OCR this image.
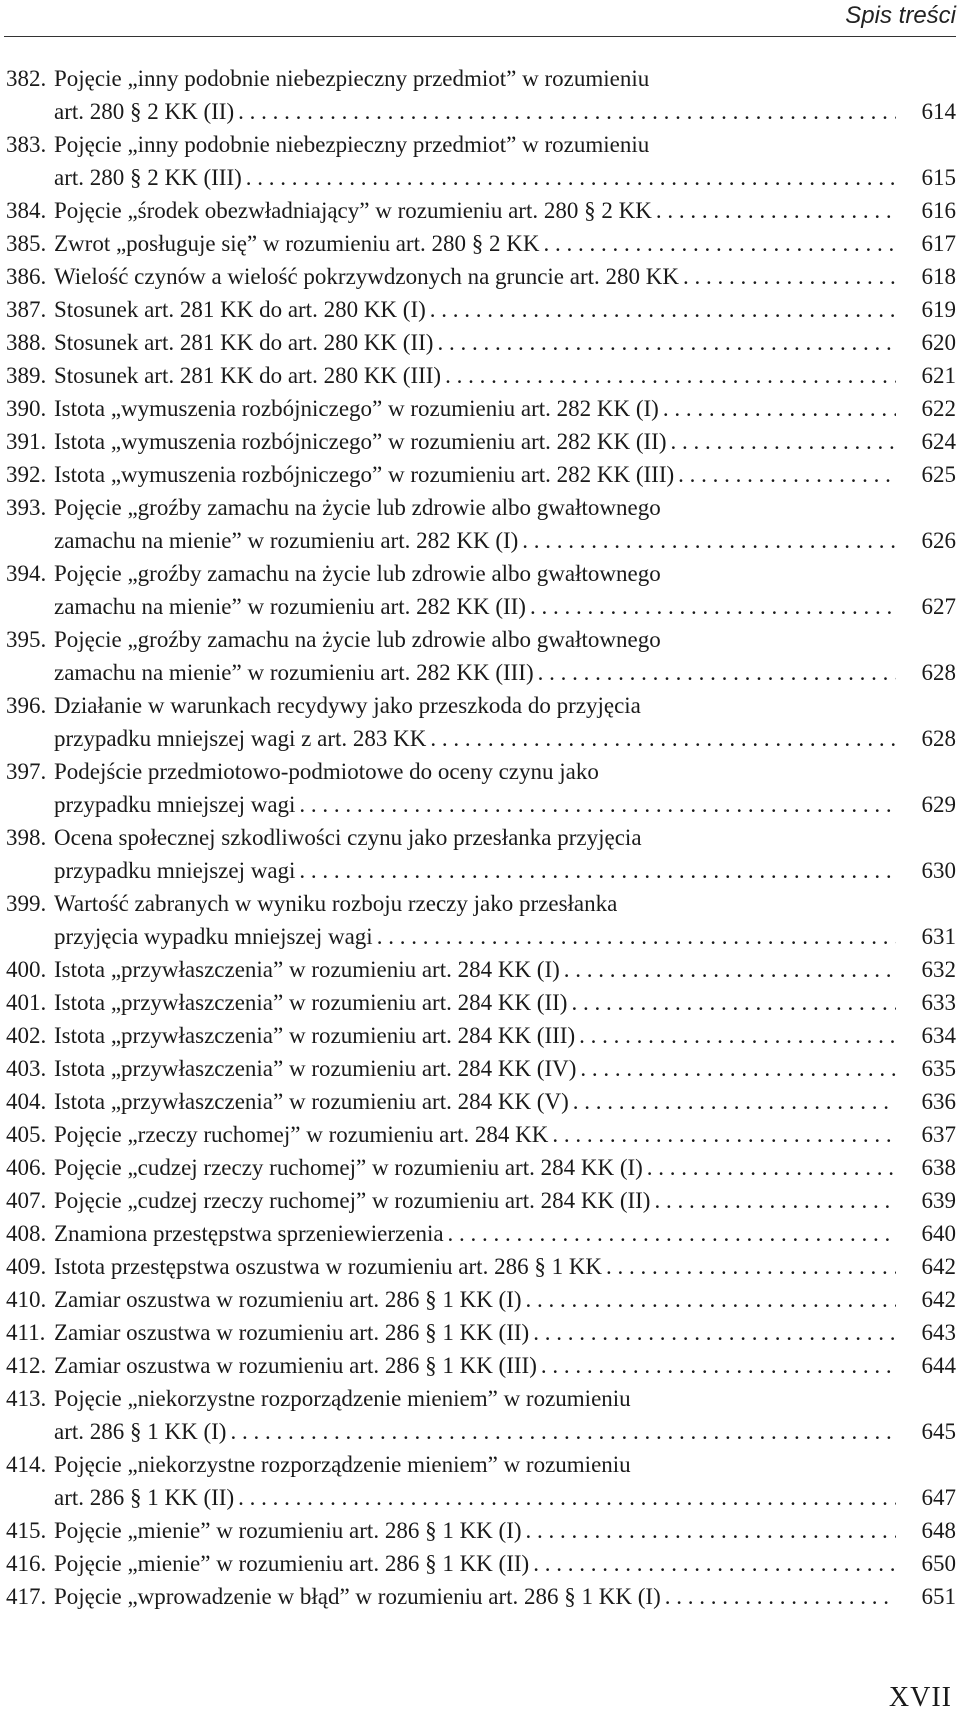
Spis treści
382. Pojęcie „inny podobnie niebezpieczny przedmiot” w rozumieniu
art. 280 § 2 KK (II) . . .	614
383. Pojęcie „inny podobnie niebezpieczny przedmiot” w rozumieniu
art. 280 § 2 KK (III) . . .	615
384. Pojęcie „środek obezwładniający” w rozumieniu art. 280 § 2 KK . . .	616
385. Zwrot „posługuje się” w rozumieniu art. 280 § 2 KK . . .	617
386. Wielość czynów a wielość pokrzywdzonych na gruncie art. 280 KK . . .	618
387. Stosunek art. 281 KK do art. 280 KK (I) . . .	619
388. Stosunek art. 281 KK do art. 280 KK (II) . . .	620
389. Stosunek art. 281 KK do art. 280 KK (III) . . .	621
390. Istota „wymuszenia rozbójniczego” w rozumieniu art. 282 KK (I) . . .	622
391. Istota „wymuszenia rozbójniczego” w rozumieniu art. 282 KK (II) . . .	624
392. Istota „wymuszenia rozbójniczego” w rozumieniu art. 282 KK (III) . . .	625
393. Pojęcie „groźby zamachu na życie lub zdrowie albo gwałtownego
zamachu na mienie” w rozumieniu art. 282 KK (I) . . .	626
394. Pojęcie „groźby zamachu na życie lub zdrowie albo gwałtownego
zamachu na mienie” w rozumieniu art. 282 KK (II) . . .	627
395. Pojęcie „groźby zamachu na życie lub zdrowie albo gwałtownego
zamachu na mienie” w rozumieniu art. 282 KK (III) . . .	628
396. Działanie w warunkach recydywy jako przeszkoda do przyjęcia
przypadku mniejszej wagi z art. 283 KK . . .	628
397. Podejście przedmiotowo-podmiotowe do oceny czynu jako
przypadku mniejszej wagi . . .	629
398. Ocena społecznej szkodliwości czynu jako przesłanka przyjęcia
przypadku mniejszej wagi . . .	630
399. Wartość zabranych w wyniku rozboju rzeczy jako przesłanka
przyjęcia wypadku mniejszej wagi . . .	631
400. Istota „przywłaszczenia” w rozumieniu art. 284 KK (I) . . .	632
401. Istota „przywłaszczenia” w rozumieniu art. 284 KK (II) . . .	633
402. Istota „przywłaszczenia” w rozumieniu art. 284 KK (III) . . .	634
403. Istota „przywłaszczenia” w rozumieniu art. 284 KK (IV) . . .	635
404. Istota „przywłaszczenia” w rozumieniu art. 284 KK (V) . . .	636
405. Pojęcie „rzeczy ruchomej” w rozumieniu art. 284 KK . . .	637
406. Pojęcie „cudzej rzeczy ruchomej” w rozumieniu art. 284 KK (I) . . .	638
407. Pojęcie „cudzej rzeczy ruchomej” w rozumieniu art. 284 KK (II) . . .	639
408. Znamiona przestępstwa sprzeniewierzenia . . .	640
409. Istota przestępstwa oszustwa w rozumieniu art. 286 § 1 KK . . .	642
410. Zamiar oszustwa w rozumieniu art. 286 § 1 KK (I) . . .	642
411. Zamiar oszustwa w rozumieniu art. 286 § 1 KK (II) . . .	643
412. Zamiar oszustwa w rozumieniu art. 286 § 1 KK (III) . . .	644
413. Pojęcie „niekorzystne rozporządzenie mieniem” w rozumieniu
art. 286 § 1 KK (I) . . .	645
414. Pojęcie „niekorzystne rozporządzenie mieniem” w rozumieniu
art. 286 § 1 KK (II) . . .	647
415. Pojęcie „mienie” w rozumieniu art. 286 § 1 KK (I) . . .	648
416. Pojęcie „mienie” w rozumieniu art. 286 § 1 KK (II) . . .	650
417. Pojęcie „wprowadzenie w błąd” w rozumieniu art. 286 § 1 KK (I) . . .	651
XVII
